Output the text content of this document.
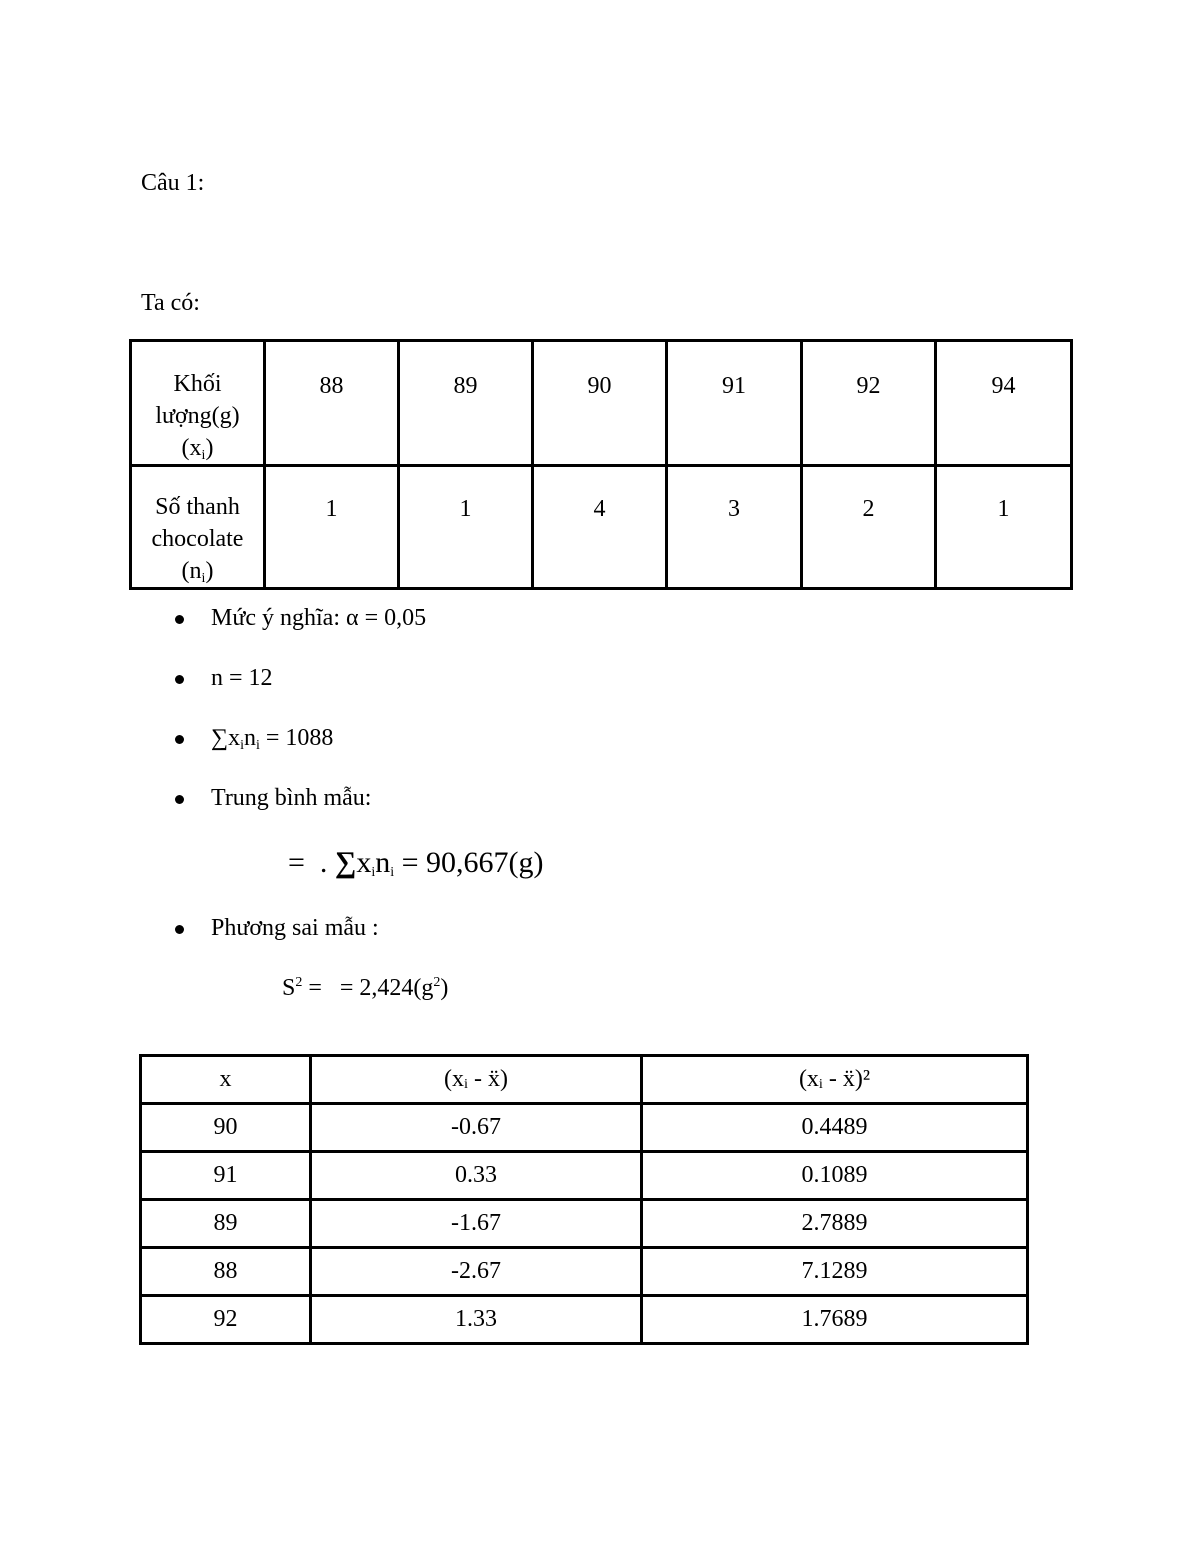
Câu 1:
Ta có:
Khối
lượng(g)
$(x_i)$	88	89	90	91	92	94
Số thanh
chocolate
$(n_i)$	1	1	4	3	2	1
Mức ý nghĩa: α = 0,05
n = 12
$\sum x_in_i = 1088$
Trung bình mẫu:
=  . $\sum x_in_i = 90,667(g)$
Phương sai mẫu :
$S^2$ =   = $2,424(g^2)$
x	(xᵢ - ẍ)	(xᵢ - ẍ)²
90	-0.67	0.4489
91	0.33	0.1089
89	-1.67	2.7889
88	-2.67	7.1289
92	1.33	1.7689
